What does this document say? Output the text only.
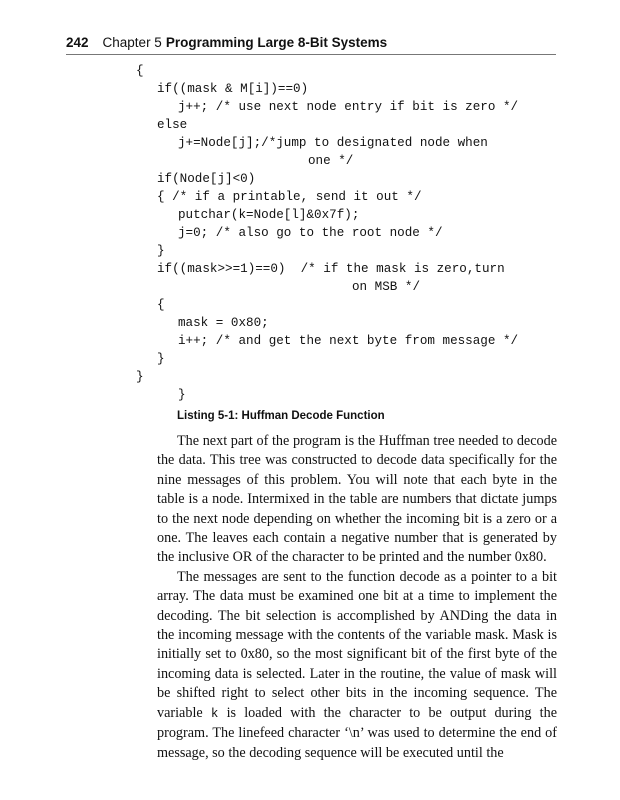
242 Chapter 5 Programming Large 8-Bit Systems
{
if((mask & M[i])==0)
j++; /* use next node entry if bit is zero */
else
j+=Node[j];/*jump to designated node when
one */
if(Node[j]<0)
{ /* if a printable, send it out */
putchar(k=Node[l]&0x7f);
j=0; /* also go to the root node */
}
if((mask>>=1)==0)  /* if the mask is zero,turn
on MSB */
{
mask = 0x80;
i++; /* and get the next byte from message */
}
}
}
Listing 5-1: Huffman Decode Function

The next part of the program is the Huffman tree needed to decode the data. This tree was constructed to decode data specifically for the nine messages of this problem. You will note that each byte in the table is a node. Intermixed in the table are numbers that dictate jumps to the next node depending on whether the incoming bit is a zero or a one. The leaves each contain a negative number that is generated by the inclusive OR of the character to be printed and the number 0x80.

The messages are sent to the function decode as a pointer to a bit array. The data must be examined one bit at a time to implement the decoding. The bit selection is accomplished by ANDing the data in the incoming message with the contents of the variable mask. Mask is initially set to 0x80, so the most significant bit of the first byte of the incoming data is selected. Later in the routine, the value of mask will be shifted right to select other bits in the incoming sequence. The variable k is loaded with the character to be output during the program. The linefeed character ‘\n’ was used to determine the end of message, so the decoding sequence will be executed until the
